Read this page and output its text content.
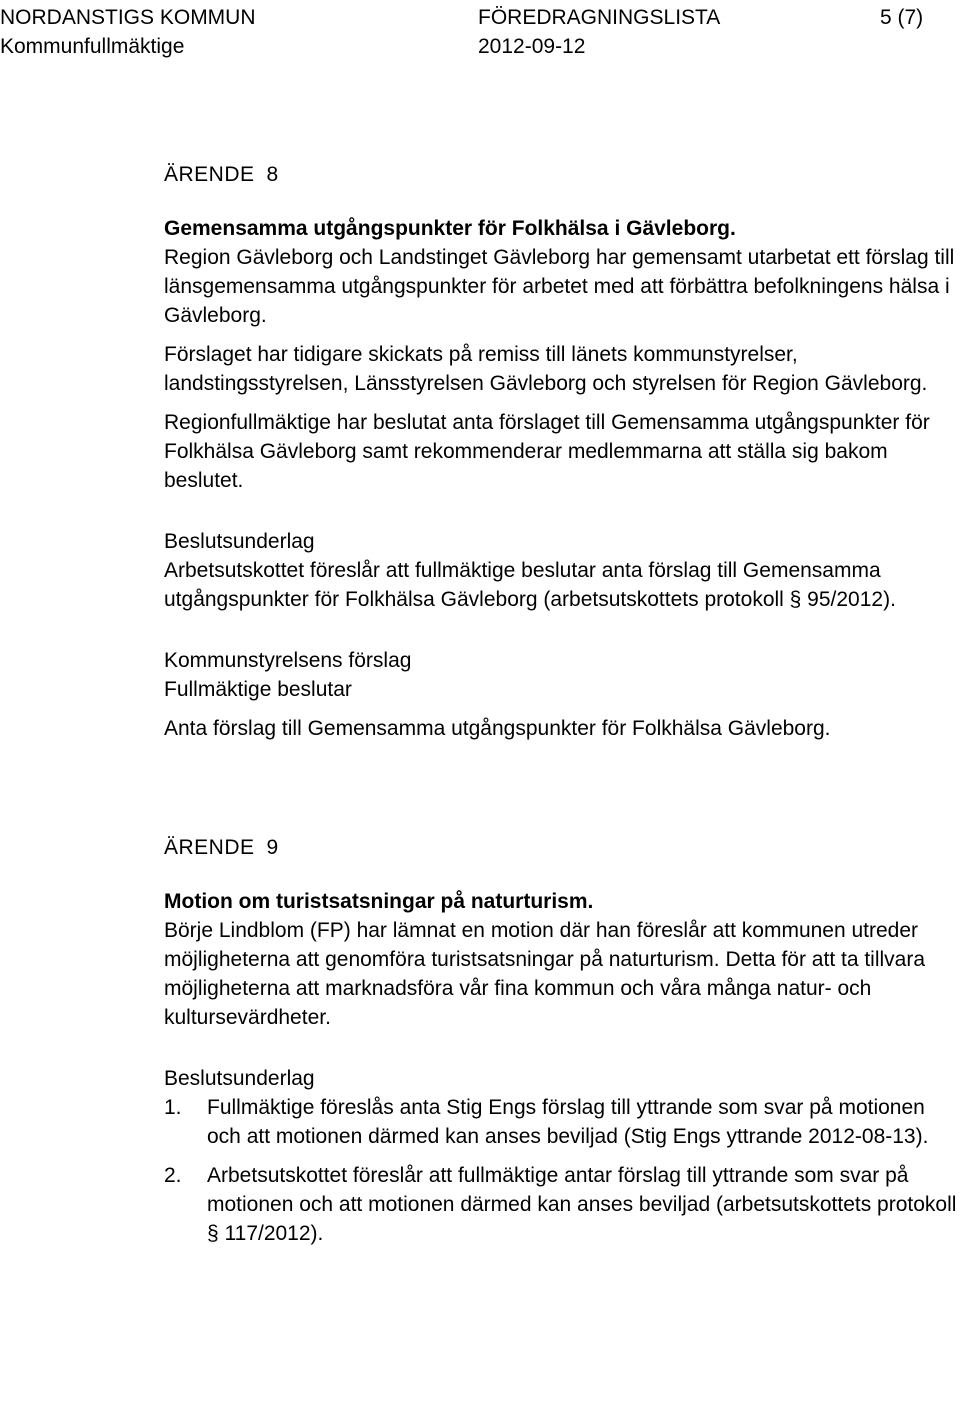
NORDANSTIGS KOMMUN	FÖREDRAGNINGSLISTA	5 (7)
Kommunfullmäktige	2012-09-12
ÄRENDE 8
Gemensamma utgångspunkter för Folkhälsa i Gävleborg.

Region Gävleborg och Landstinget Gävleborg har gemensamt utarbetat ett förslag till länsgemensamma utgångspunkter för arbetet med att förbättra befolkningens hälsa i Gävleborg.

Förslaget har tidigare skickats på remiss till länets kommunstyrelser, landstingsstyrelsen, Länsstyrelsen Gävleborg och styrelsen för Region Gävleborg.

Regionfullmäktige har beslutat anta förslaget till Gemensamma utgångspunkter för Folkhälsa Gävleborg samt rekommenderar medlemmarna att ställa sig bakom beslutet.

Beslutsunderlag

Arbetsutskottet föreslår att fullmäktige beslutar anta förslag till Gemensamma utgångspunkter för Folkhälsa Gävleborg (arbetsutskottets protokoll § 95/2012).

Kommunstyrelsens förslag

Fullmäktige beslutar

Anta förslag till Gemensamma utgångspunkter för Folkhälsa Gävleborg.

ÄRENDE 9
Motion om turistsatsningar på naturturism.

Börje Lindblom (FP) har lämnat en motion där han föreslår att kommunen utreder möjligheterna att genomföra turistsatsningar på naturturism. Detta för att ta tillvara möjligheterna att marknadsföra vår fina kommun och våra många natur- och kultursevärdheter.

Beslutsunderlag
1. Fullmäktige föreslås anta Stig Engs förslag till yttrande som svar på motionen och att motionen därmed kan anses beviljad (Stig Engs yttrande 2012-08-13).
2. Arbetsutskottet föreslår att fullmäktige antar förslag till yttrande som svar på motionen och att motionen därmed kan anses beviljad (arbetsutskottets protokoll § 117/2012).
